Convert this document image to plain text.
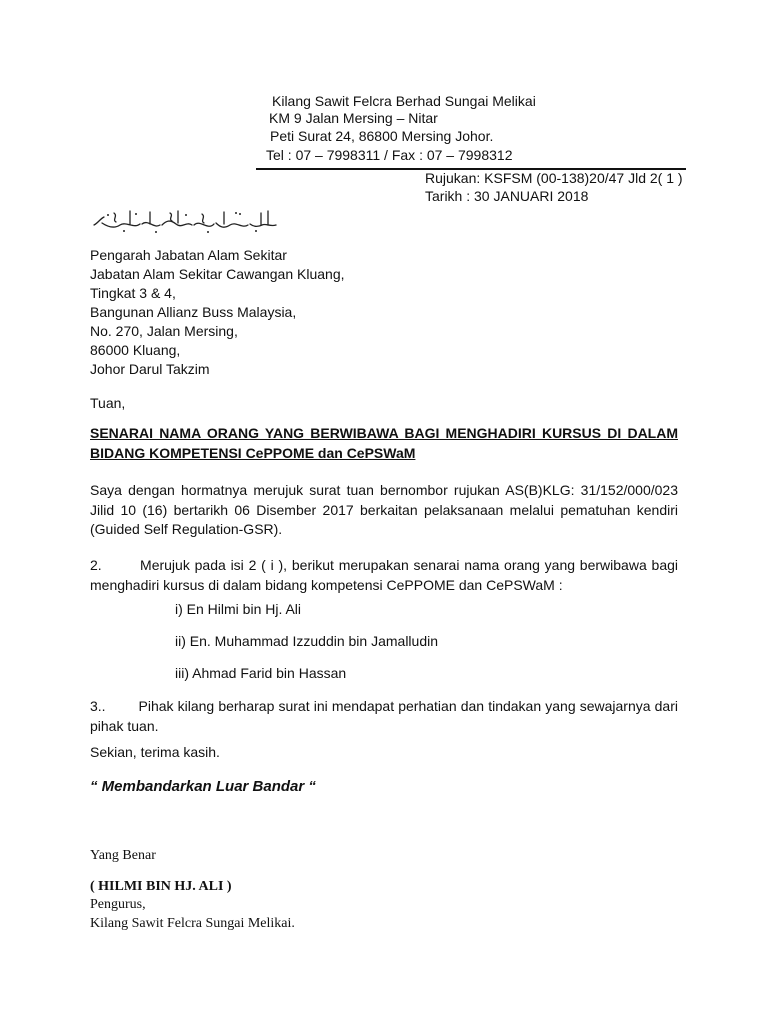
Kilang Sawit Felcra Berhad Sungai Melikai
KM 9 Jalan Mersing – Nitar
Peti Surat 24, 86800 Mersing Johor.
Tel : 07 – 7998311 / Fax : 07 – 7998312
Rujukan: KSFSM (00-138)20/47 Jld 2( 1 )
Tarikh : 30 JANUARI 2018
Pengarah Jabatan Alam Sekitar
Jabatan Alam Sekitar Cawangan Kluang,
Tingkat 3 & 4,
Bangunan Allianz Buss Malaysia,
No. 270, Jalan Mersing,
86000 Kluang,
Johor Darul Takzim
Tuan,
SENARAI NAMA ORANG YANG BERWIBAWA BAGI MENGHADIRI KURSUS DI DALAM BIDANG KOMPETENSI CePPOME dan CePSWaM
Saya dengan hormatnya merujuk surat tuan bernombor rujukan AS(B)KLG: 31/152/000/023 Jilid 10 (16) bertarikh 06 Disember 2017 berkaitan pelaksanaan melalui pematuhan kendiri (Guided Self Regulation-GSR).
2.        Merujuk pada isi 2 ( i ), berikut merupakan senarai nama orang yang berwibawa bagi menghadiri kursus di dalam bidang kompetensi CePPOME dan CePSWaM :
i) En Hilmi bin Hj. Ali
ii) En. Muhammad Izzuddin bin Jamalludin
iii) Ahmad Farid bin Hassan
3..        Pihak kilang berharap surat ini mendapat perhatian dan tindakan yang sewajarnya dari pihak tuan.
Sekian, terima kasih.
“ Membandarkan Luar Bandar “
Yang Benar
( HILMI BIN HJ. ALI )
Pengurus,
Kilang Sawit Felcra Sungai Melikai.
